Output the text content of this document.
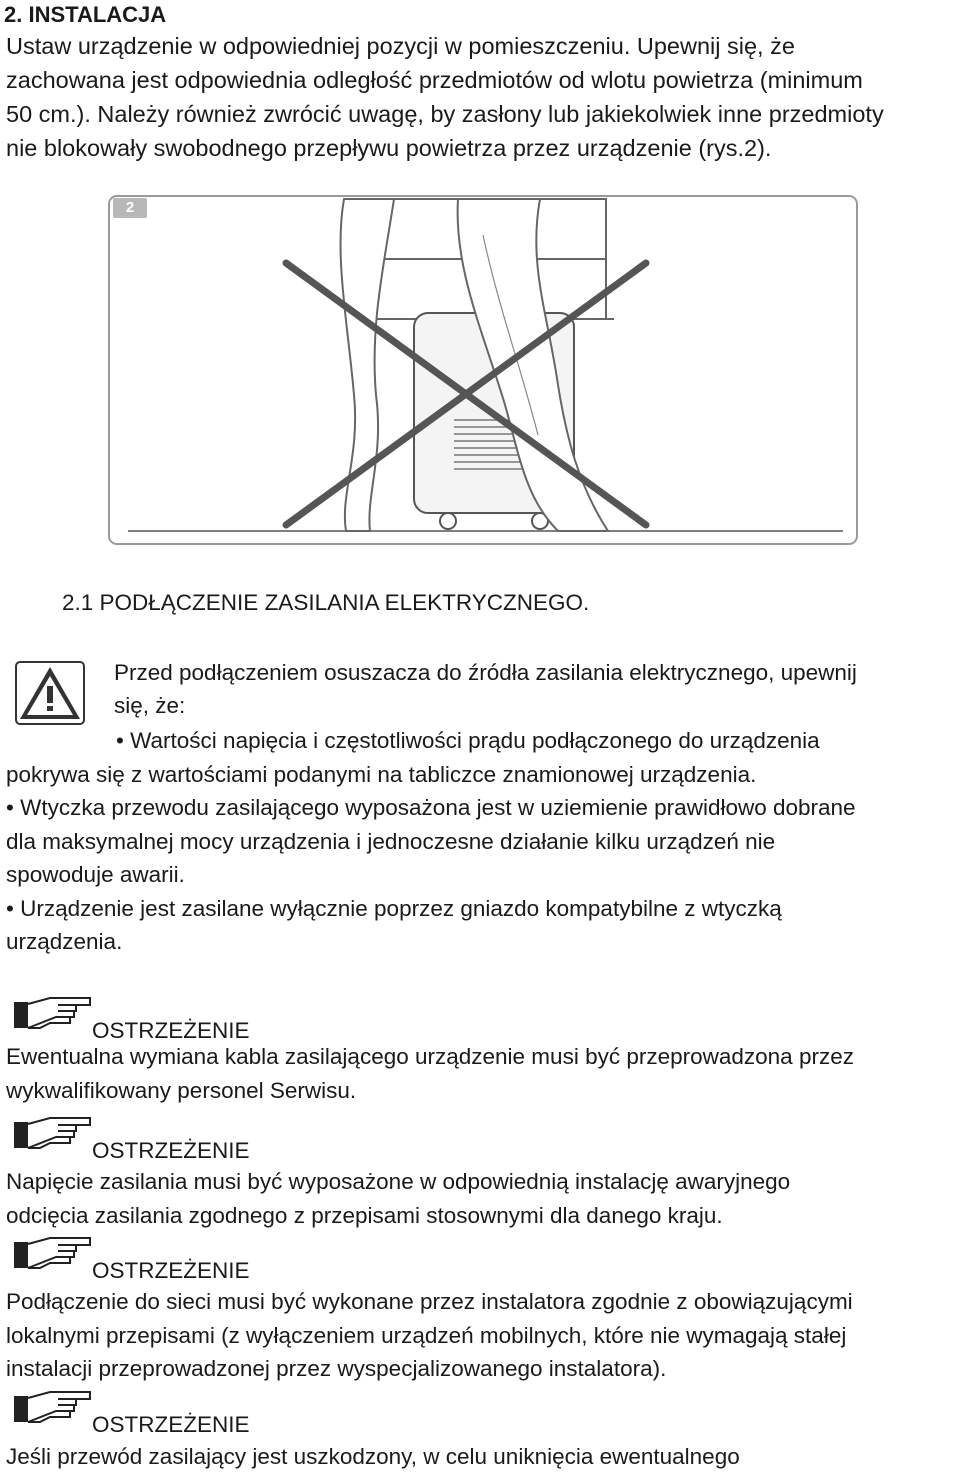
2. INSTALACJA
Ustaw urządzenie w odpowiedniej pozycji w pomieszczeniu. Upewnij się, że
zachowana jest odpowiednia odległość przedmiotów od wlotu powietrza (minimum
50 cm.). Należy również zwrócić uwagę, by zasłony lub jakiekolwiek inne przedmioty
nie blokowały swobodnego przepływu powietrza przez urządzenie (rys.2).
2
2.1 PODŁĄCZENIE ZASILANIA ELEKTRYCZNEGO.
Przed podłączeniem osuszacza do źródła zasilania elektrycznego, upewnij
się, że:
• Wartości napięcia i częstotliwości prądu podłączonego do urządzenia
pokrywa się z wartościami podanymi na tabliczce znamionowej urządzenia.
• Wtyczka przewodu zasilającego wyposażona jest w uziemienie prawidłowo dobrane
dla maksymalnej mocy urządzenia i jednoczesne działanie kilku urządzeń nie
spowoduje awarii.
• Urządzenie jest zasilane wyłącznie poprzez gniazdo kompatybilne z wtyczką
urządzenia.
OSTRZEŻENIE
Ewentualna wymiana kabla zasilającego urządzenie musi być przeprowadzona przez
wykwalifikowany personel Serwisu.
OSTRZEŻENIE
Napięcie zasilania musi być wyposażone w odpowiednią instalację awaryjnego
odcięcia zasilania zgodnego z przepisami stosownymi dla danego kraju.
OSTRZEŻENIE
Podłączenie do sieci musi być wykonane przez instalatora zgodnie z obowiązującymi
lokalnymi przepisami (z wyłączeniem urządzeń mobilnych, które nie wymagają stałej
instalacji przeprowadzonej przez wyspecjalizowanego instalatora).
OSTRZEŻENIE
Jeśli przewód zasilający jest uszkodzony, w celu uniknięcia ewentualnego
